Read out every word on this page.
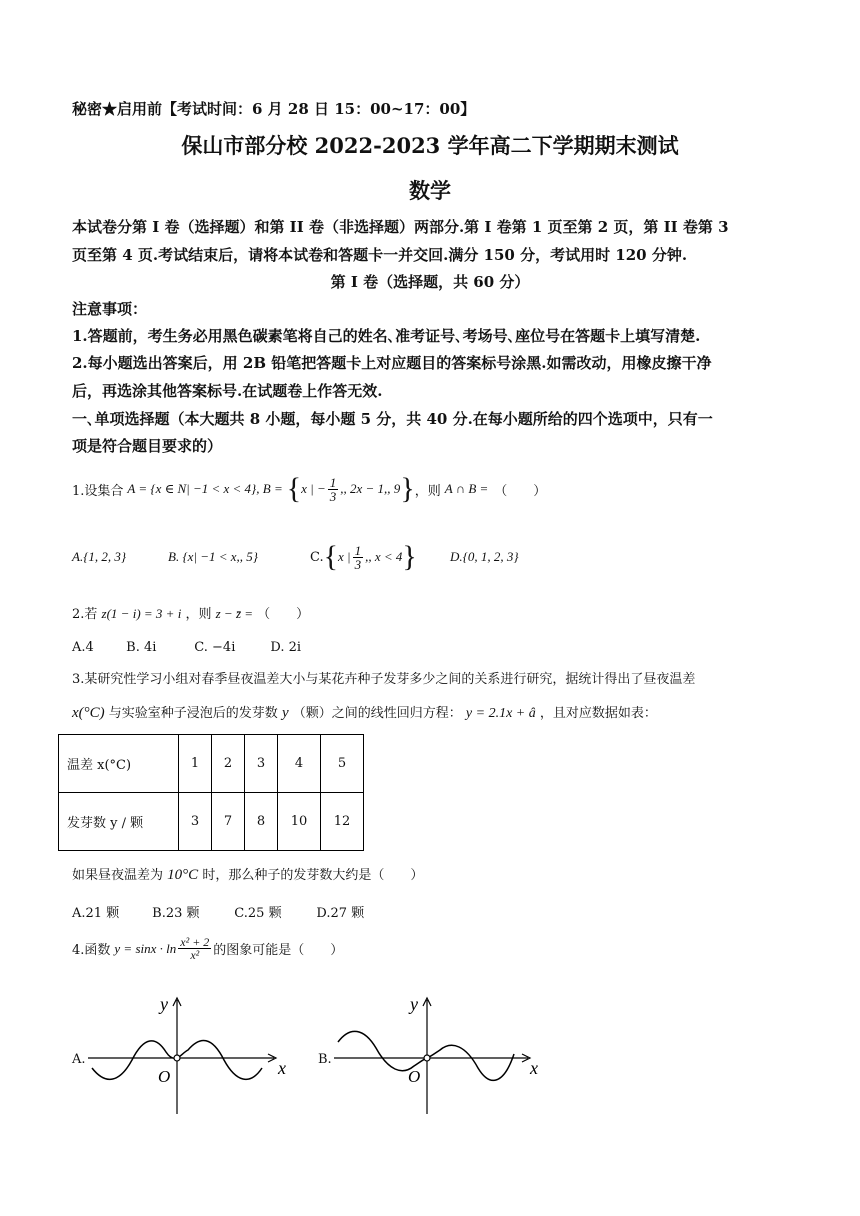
秘密★启用前【考试时间：6 月 28 日 15：00~17：00】
保山市部分校 2022-2023 学年高二下学期期末测试
数学
本试卷分第 I 卷（选择题）和第 II 卷（非选择题）两部分.第 I 卷第 1 页至第 2 页，第 II 卷第 3
页至第 4 页.考试结束后，请将本试卷和答题卡一并交回.满分 150 分，考试用时 120 分钟.
第 I 卷（选择题，共 60 分）
注意事项：
1.答题前，考生务必用黑色碳素笔将自己的姓名､准考证号､考场号､座位号在答题卡上填写清楚.
2.每小题选出答案后，用 2B 铅笔把答题卡上对应题目的答案标号涂黑.如需改动，用橡皮擦干净
后，再选涂其他答案标号.在试题卷上作答无效.
一､单项选择题（本大题共 8 小题，每小题 5 分，共 40 分.在每小题所给的四个选项中，只有一
项是符合题目要求的）
1.设集合 A = {x ∈ N| −1 < x < 4}, B = { x | − $\frac{1}{3}$ ,, 2x − 1,, 9 } ，则 A ∩ B = （　　）
A.{1, 2, 3}	B. {x| −1 < x,, 5}	C. { x | $\frac{1}{3}$ ,, x < 4 }	D.{0, 1, 2, 3}
2.若 z(1 − i) = 3 + i ，则 z − z̄ = （　　）
A.4 B. 4i	C. −4i	D. 2i
3.某研究性学习小组对春季昼夜温差大小与某花卉种子发芽多少之间的关系进行研究，据统计得出了昼夜温差
x(°C) 与实验室种子浸泡后的发芽数 y （颗）之间的线性回归方程： y = 2.1x + â ，且对应数据如表：
温差 x(°C)	1	2	3	4	5
发芽数 y / 颗	3	7	8	10	12
如果昼夜温差为 10°C 时，那么种子的发芽数大约是（　　）
A.21 颗	B.23 颗	C.25 颗	D.27 颗
4.函数 $y = \sin x \cdot \ln \frac{\text{x² + 2}}{\text{x²}}$ 的图象可能是（　　）
A.	x
y
O
B.	x
y
O
